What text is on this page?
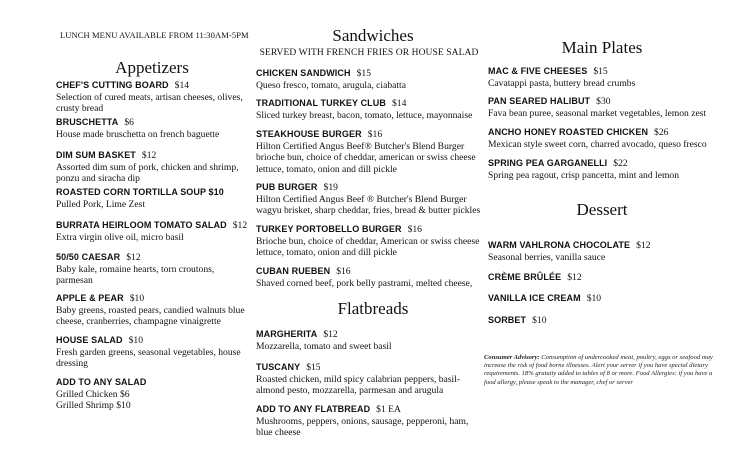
LUNCH MENU AVAILABLE FROM 11:30AM-5PM
Appetizers
CHEF'S CUTTING BOARD $14
Selection of cured meats, artisan cheeses, olives, crusty bread
BRUSCHETTA $6
House made bruschetta on french baguette
DIM SUM BASKET $12
Assorted dim sum of pork, chicken and shrimp, ponzu and siracha dip
ROASTED CORN TORTILLA SOUP $10
Pulled Pork, Lime Zest
BURRATA HEIRLOOM TOMATO SALAD $12
Extra virgin olive oil, micro basil
50/50 CAESAR $12
Baby kale, romaine hearts, torn croutons, parmesan
APPLE & PEAR $10
Baby greens, roasted pears, candied walnuts blue cheese, cranberries, champagne vinaigrette
HOUSE SALAD $10
Fresh garden greens, seasonal vegetables, house dressing
ADD TO ANY SALAD
Grilled Chicken $6
Grilled Shrimp $10
Sandwiches
SERVED WITH FRENCH FRIES OR HOUSE SALAD
CHICKEN SANDWICH $15
Queso fresco, tomato, arugula, ciabatta
TRADITIONAL TURKEY CLUB $14
Sliced turkey breast, bacon, tomato, lettuce, mayonnaise
STEAKHOUSE BURGER $16
Hilton Certified Angus Beef® Butcher's Blend Burger brioche bun, choice of cheddar, american or swiss cheese lettuce, tomato, onion and dill pickle
PUB BURGER $19
Hilton Certified Angus Beef ® Butcher's Blend Burger wagyu brisket, sharp cheddar, fries, bread & butter pickles
TURKEY PORTOBELLO BURGER $16
Brioche bun, choice of cheddar, American or swiss cheese lettuce, tomato, onion and dill pickle
CUBAN RUEBEN $16
Shaved corned beef, pork belly pastrami, melted cheese,
Flatbreads
MARGHERITA $12
Mozzarella, tomato and sweet basil
TUSCANY $15
Roasted chicken, mild spicy calabrian peppers, basil-almond pesto, mozzarella, parmesan and arugula
ADD TO ANY FLATBREAD $1 EA
Mushrooms, peppers, onions, sausage, pepperoni, ham, blue cheese
Main Plates
MAC & FIVE CHEESES $15
Cavatappi pasta, buttery bread crumbs
PAN SEARED HALIBUT $30
Fava bean puree, seasonal market vegetables, lemon zest
ANCHO HONEY ROASTED CHICKEN $26
Mexican style sweet corn, charred avocado, queso fresco
SPRING PEA GARGANELLI $22
Spring pea ragout, crisp pancetta, mint and lemon
Dessert
WARM VAHLRONA CHOCOLATE $12
Seasonal berries, vanilla sauce
CRÈME BRÛLÉE $12
VANILLA ICE CREAM $10
SORBET $10
Consumer Advisory: Consumption of undercooked meat, poultry, eggs or seafood may increase the risk of food borne illnesses. Alert your server if you have special dietary requirements. 18% gratuity added to tables of 8 or more. Food Allergies: if you have a food allergy, please speak to the manager, chef or server
